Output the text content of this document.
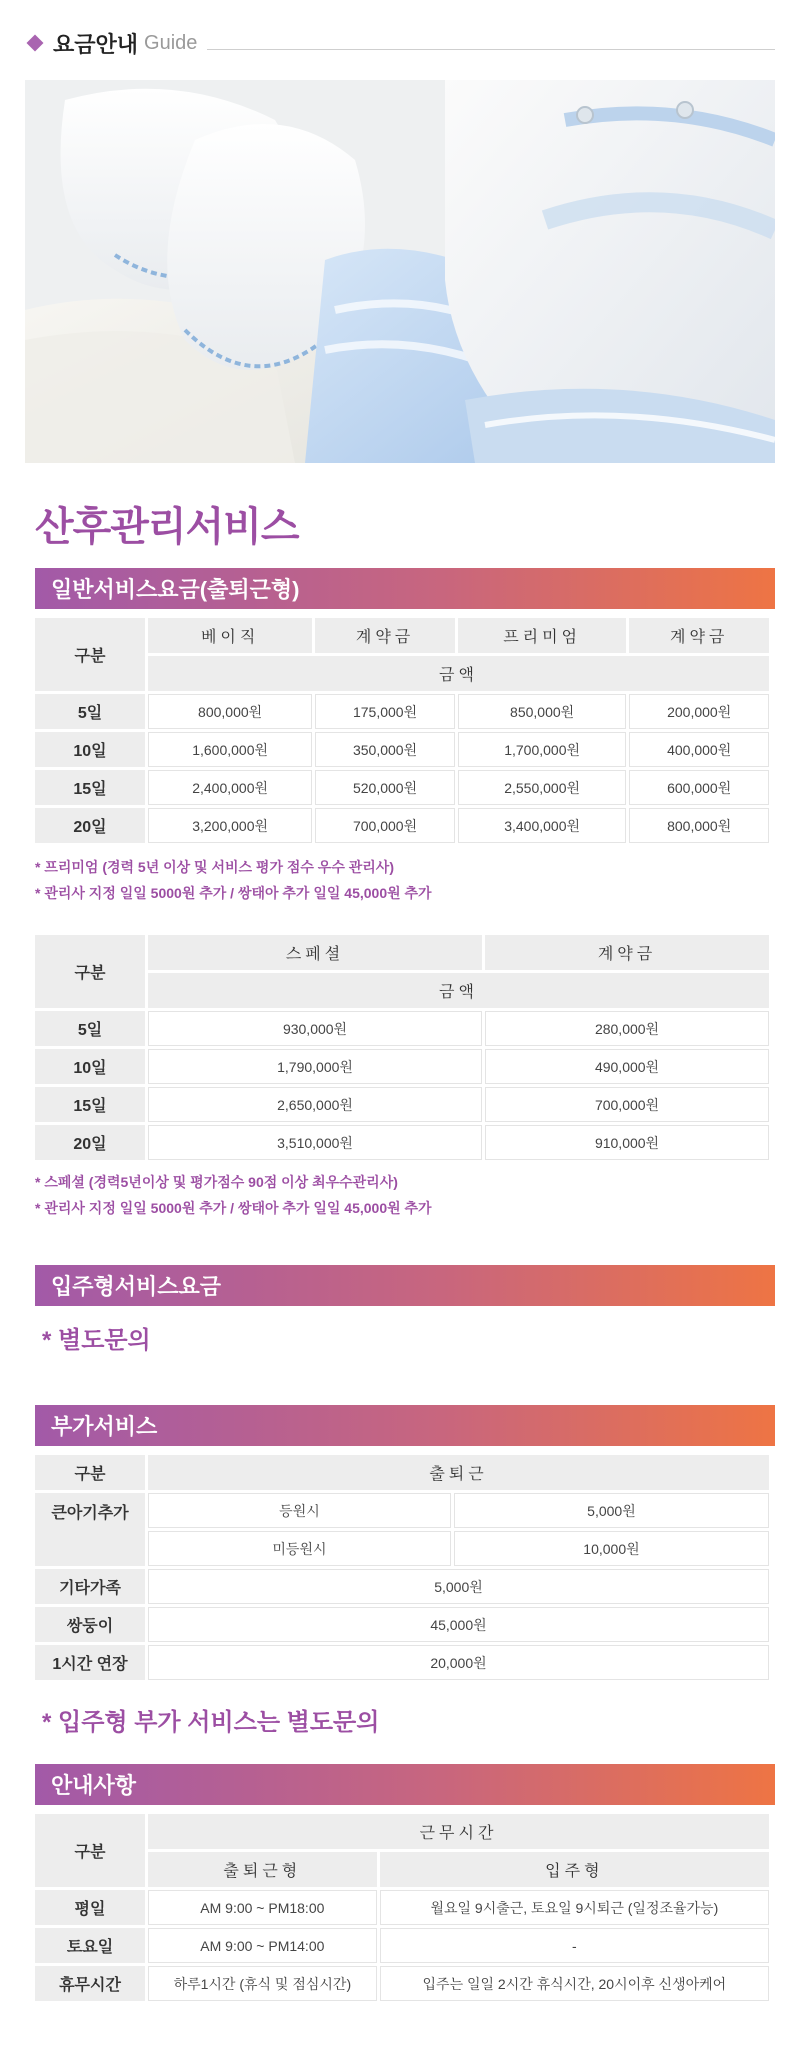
요금안내 Guide
산후관리서비스
일반서비스요금(출퇴근형)
구분	베이직	계약금	프리미엄	계약금
	금액			
5일	800,000원	175,000원	850,000원	200,000원
10일	1,600,000원	350,000원	1,700,000원	400,000원
15일	2,400,000원	520,000원	2,550,000원	600,000원
20일	3,200,000원	700,000원	3,400,000원	800,000원
* 프리미엄 (경력 5년 이상 및 서비스 평가 점수 우수 관리사)
* 관리사 지정 일일 5000원 추가 / 쌍태아 추가 일일 45,000원 추가
구분	스페셜	계약금
	금액	
5일	930,000원	280,000원
10일	1,790,000원	490,000원
15일	2,650,000원	700,000원
20일	3,510,000원	910,000원
* 스페셜 (경력5년이상 및 평가점수 90점 이상 최우수관리사)
* 관리사 지정 일일 5000원 추가 / 쌍태아 추가 일일 45,000원 추가
입주형서비스요금
* 별도문의
부가서비스
구분	출퇴근	
큰아기추가	등원시	5,000원
	미등원시	10,000원
기타가족	5,000원	
쌍둥이	45,000원	
1시간 연장	20,000원	
* 입주형 부가 서비스는 별도문의
안내사항
구분	근무시간	
	출퇴근형	입주형
평일	AM 9:00 ~ PM18:00	월요일 9시출근, 토요일 9시퇴근 (일정조율가능)
토요일	AM 9:00 ~ PM14:00	-
휴무시간	하루1시간 (휴식 및 점심시간)	입주는 일일 2시간 휴식시간, 20시이후 신생아케어
